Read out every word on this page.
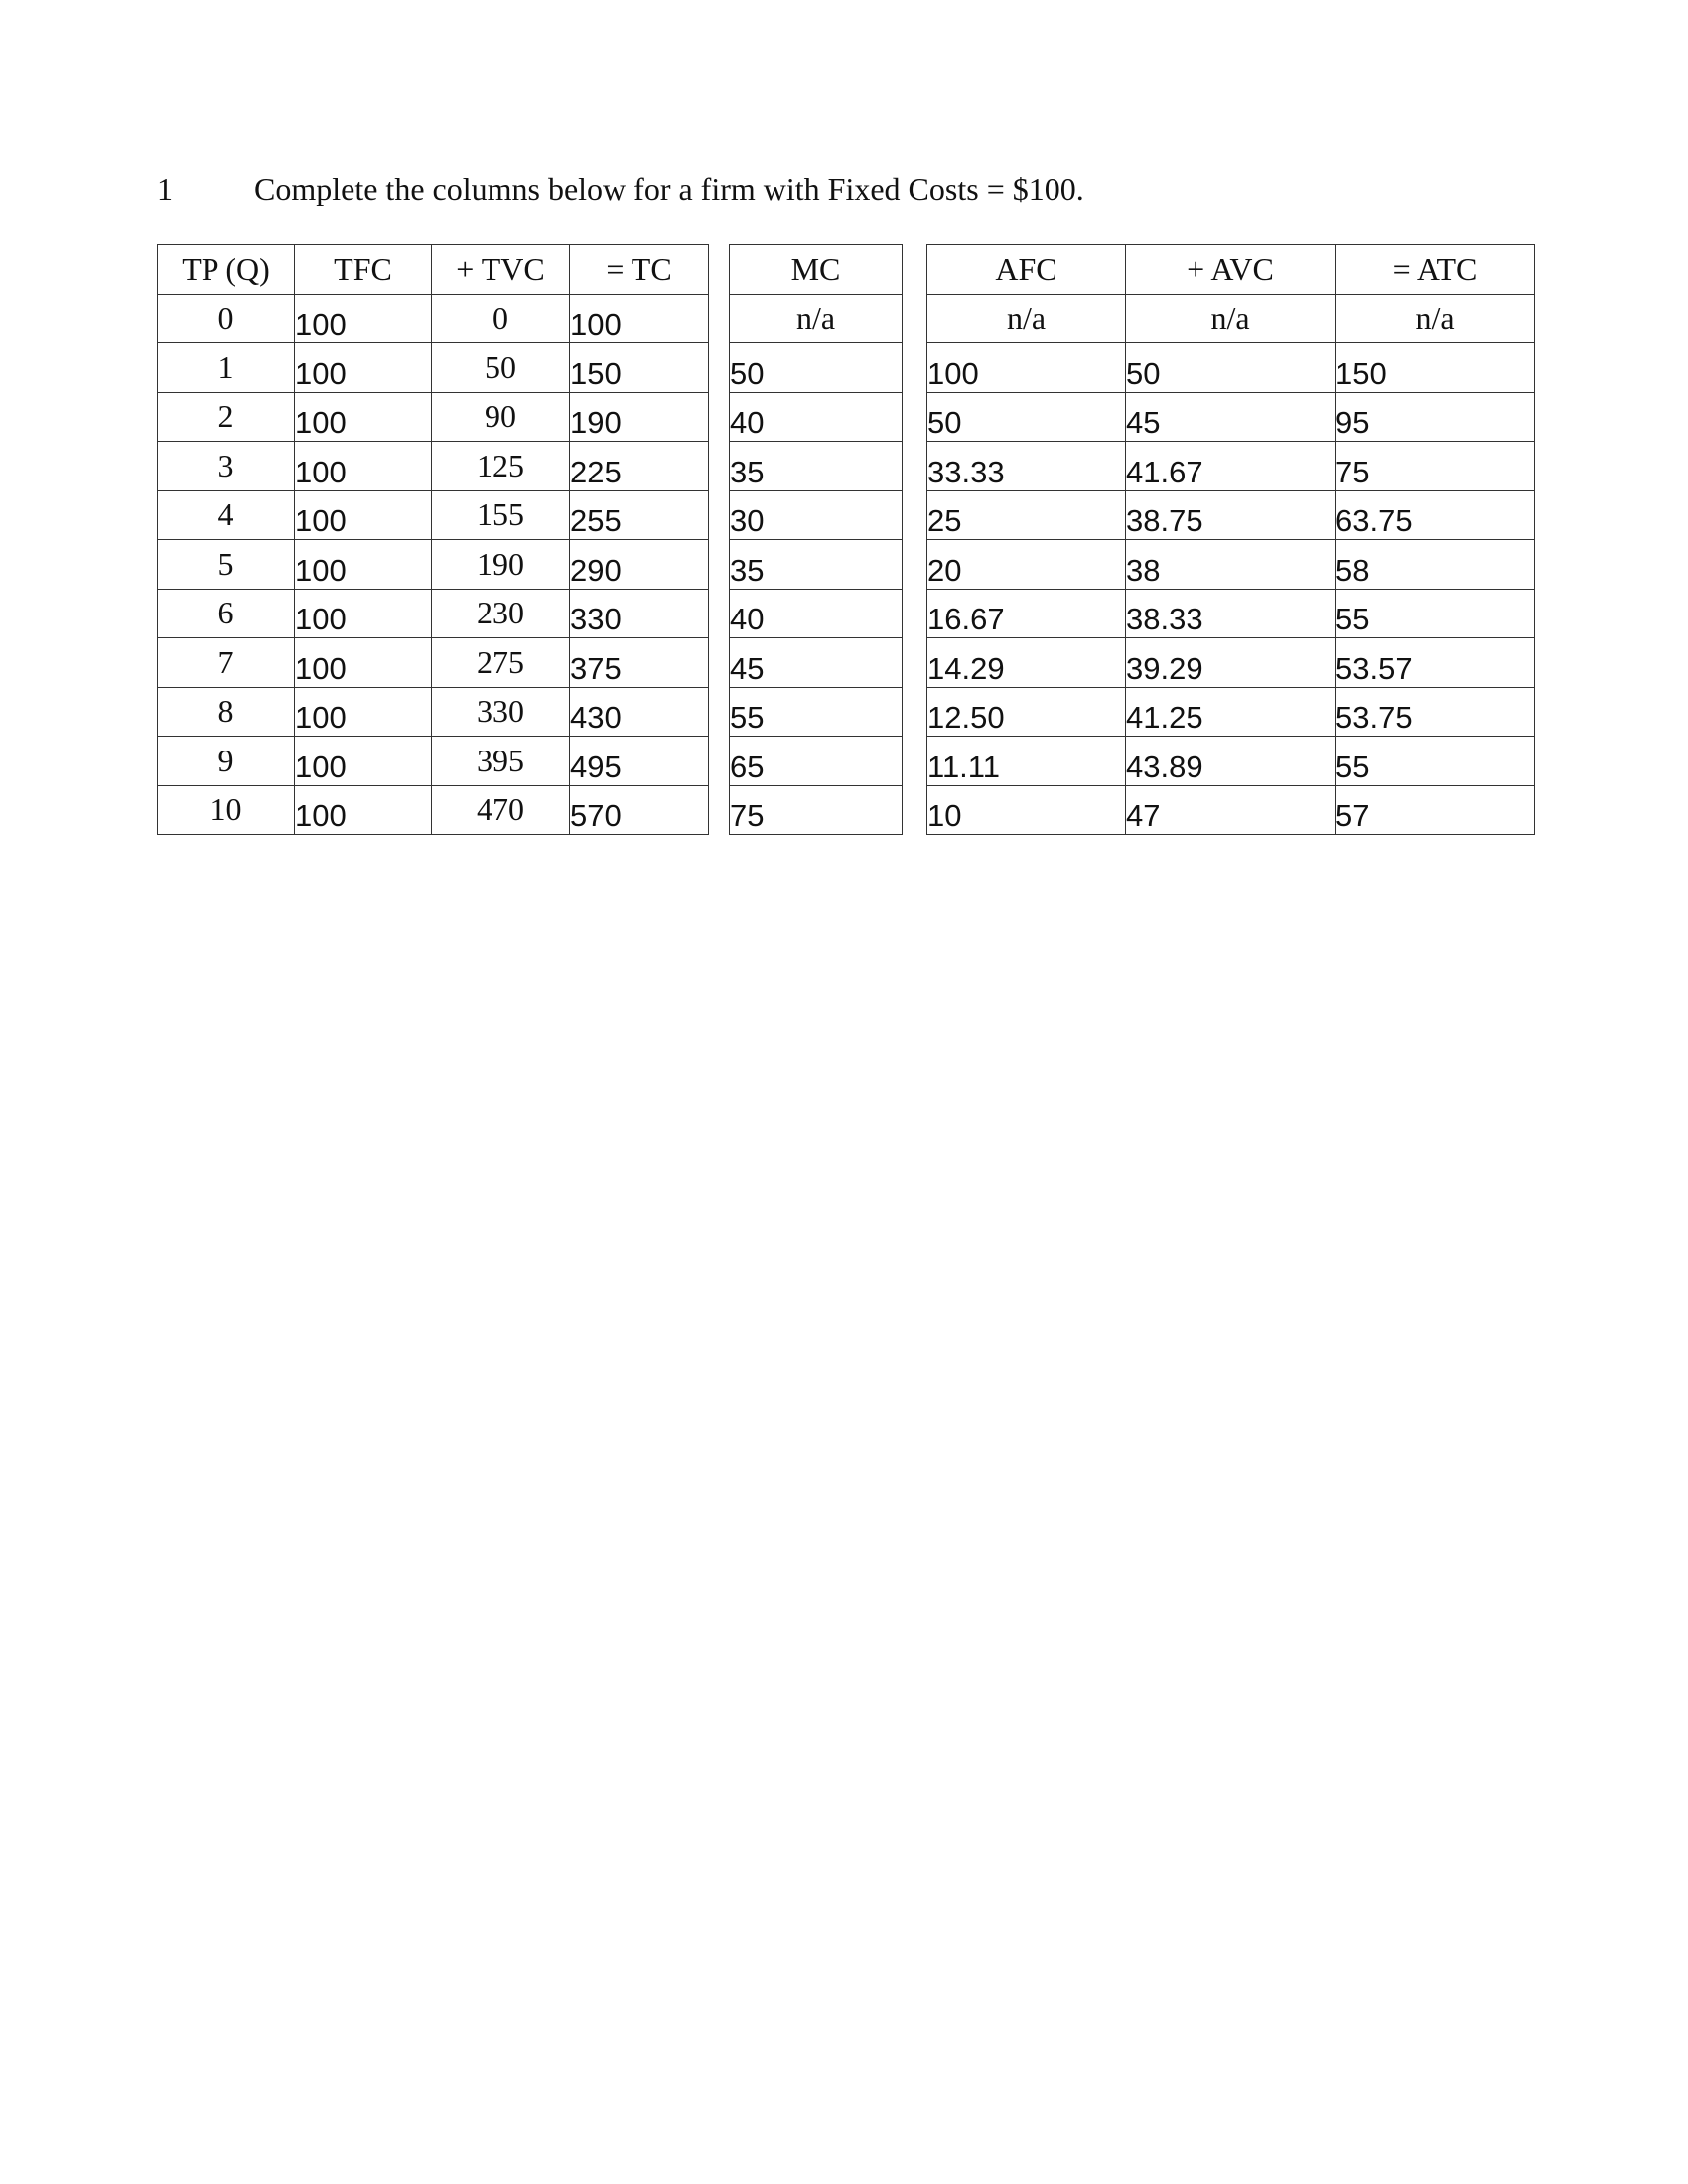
1	Complete the columns below for a firm with Fixed Costs = $100.
TP (Q)	TFC	+ TVC	= TC
0	100	0	100
1	100	50	150
2	100	90	190
3	100	125	225
4	100	155	255
5	100	190	290
6	100	230	330
7	100	275	375
8	100	330	430
9	100	395	495
10	100	470	570
MC
n/a
50
40
35
30
35
40
45
55
65
75
AFC	+ AVC	= ATC
n/a	n/a	n/a
100	50	150
50	45	95
33.33	41.67	75
25	38.75	63.75
20	38	58
16.67	38.33	55
14.29	39.29	53.57
12.50	41.25	53.75
11.11	43.89	55
10	47	57
